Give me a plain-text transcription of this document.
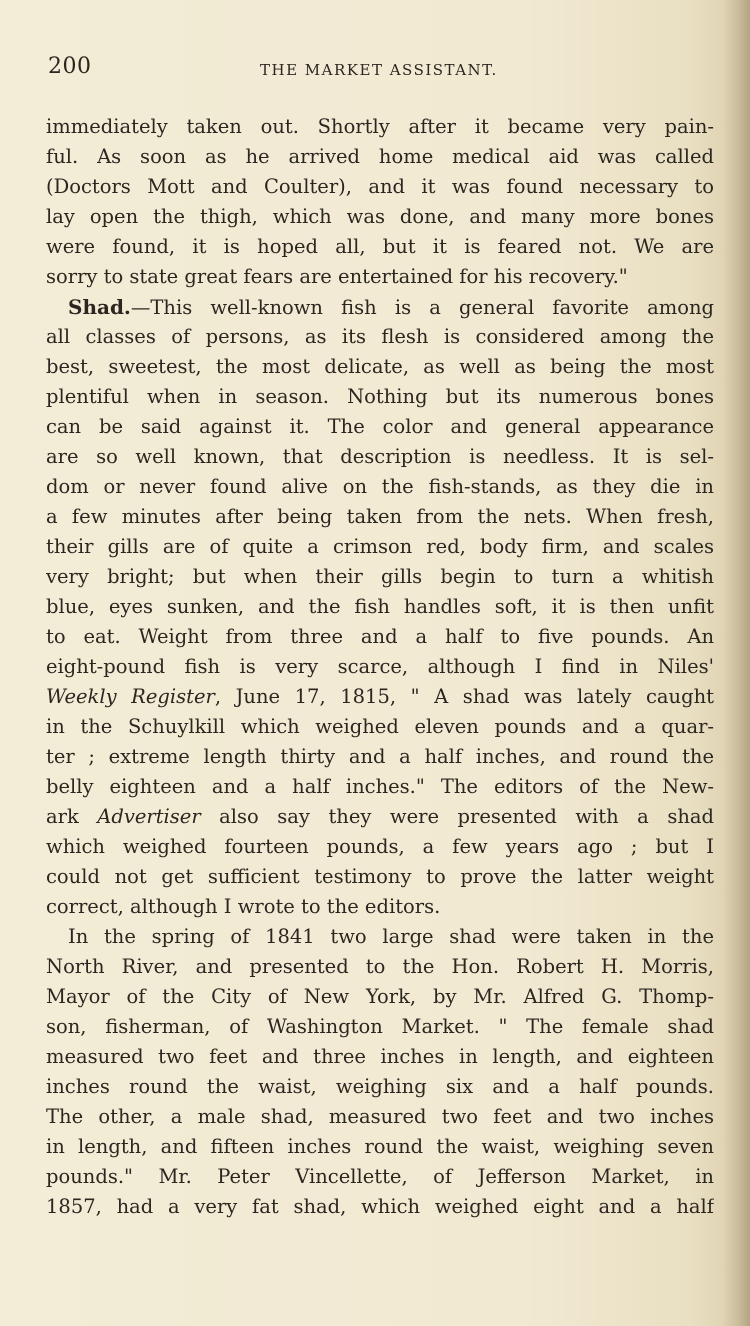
200	THE MARKET ASSISTANT.
immediately taken out. Shortly after it became very pain-
ful. As soon as he arrived home medical aid was called
(Doctors Mott and Coulter), and it was found necessary to
lay open the thigh, which was done, and many more bones
were found, it is hoped all, but it is feared not. We are
sorry to state great fears are entertained for his recovery."
Shad.—This well-known fish is a general favorite among
all classes of persons, as its flesh is considered among the
best, sweetest, the most delicate, as well as being the most
plentiful when in season. Nothing but its numerous bones
can be said against it. The color and general appearance
are so well known, that description is needless. It is sel-
dom or never found alive on the fish-stands, as they die in
a few minutes after being taken from the nets. When fresh,
their gills are of quite a crimson red, body firm, and scales
very bright; but when their gills begin to turn a whitish
blue, eyes sunken, and the fish handles soft, it is then unfit
to eat. Weight from three and a half to five pounds. An
eight-pound fish is very scarce, although I find in Niles'
Weekly Register, June 17, 1815, " A shad was lately caught
in the Schuylkill which weighed eleven pounds and a quar-
ter ; extreme length thirty and a half inches, and round the
belly eighteen and a half inches." The editors of the New-
ark Advertiser also say they were presented with a shad
which weighed fourteen pounds, a few years ago ; but I
could not get sufficient testimony to prove the latter weight
correct, although I wrote to the editors.
In the spring of 1841 two large shad were taken in the
North River, and presented to the Hon. Robert H. Morris,
Mayor of the City of New York, by Mr. Alfred G. Thomp-
son, fisherman, of Washington Market. " The female shad
measured two feet and three inches in length, and eighteen
inches round the waist, weighing six and a half pounds.
The other, a male shad, measured two feet and two inches
in length, and fifteen inches round the waist, weighing seven
pounds." Mr. Peter Vincellette, of Jefferson Market, in
1857, had a very fat shad, which weighed eight and a half
